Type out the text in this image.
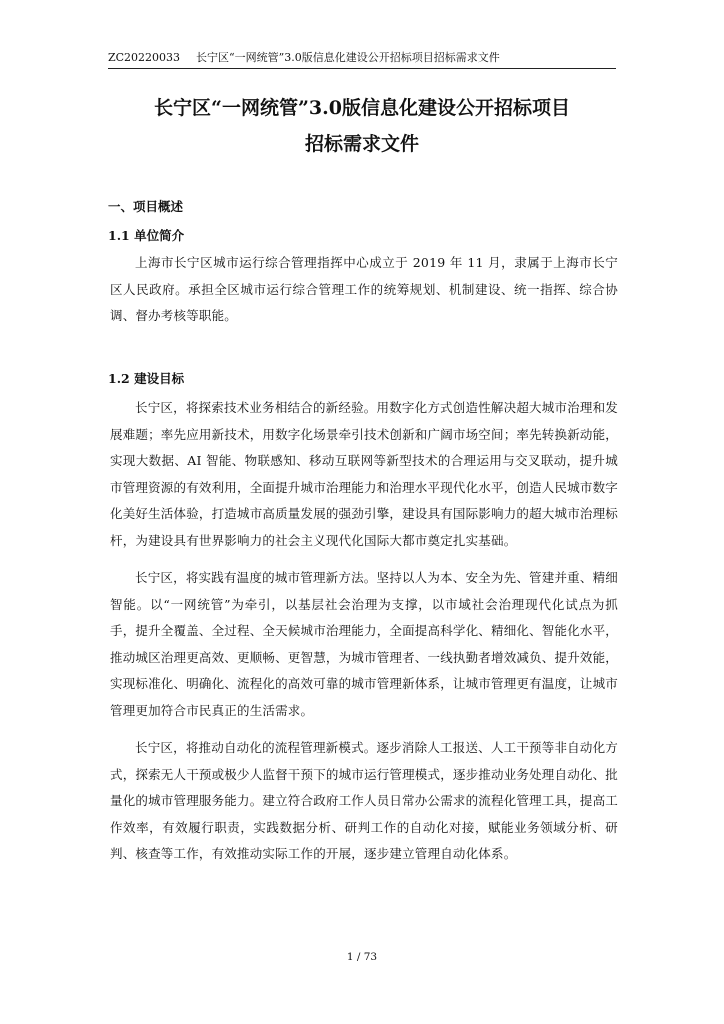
ZC20220033 长宁区“一网统管”3.0版信息化建设公开招标项目招标需求文件
长宁区“一网统管”3.0版信息化建设公开招标项目
招标需求文件
一、项目概述
1.1 单位简介

上海市长宁区城市运行综合管理指挥中心成立于 2019 年 11 月，隶属于上海市长宁区人民政府。承担全区城市运行综合管理工作的统筹规划、机制建设、统一指挥、综合协调、督办考核等职能。

1.2 建设目标

长宁区，将探索技术业务相结合的新经验。用数字化方式创造性解决超大城市治理和发展难题；率先应用新技术，用数字化场景牵引技术创新和广阔市场空间；率先转换新动能，实现大数据、AI 智能、物联感知、移动互联网等新型技术的合理运用与交叉联动，提升城市管理资源的有效利用，全面提升城市治理能力和治理水平现代化水平，创造人民城市数字化美好生活体验，打造城市高质量发展的强劲引擎，建设具有国际影响力的超大城市治理标杆，为建设具有世界影响力的社会主义现代化国际大都市奠定扎实基础。

长宁区，将实践有温度的城市管理新方法。坚持以人为本、安全为先、管建并重、精细智能。以“一网统管”为牵引，以基层社会治理为支撑，以市域社会治理现代化试点为抓手，提升全覆盖、全过程、全天候城市治理能力，全面提高科学化、精细化、智能化水平，推动城区治理更高效、更顺畅、更智慧，为城市管理者、一线执勤者增效减负、提升效能，实现标准化、明确化、流程化的高效可靠的城市管理新体系，让城市管理更有温度，让城市管理更加符合市民真正的生活需求。

长宁区，将推动自动化的流程管理新模式。逐步消除人工报送、人工干预等非自动化方式，探索无人干预或极少人监督干预下的城市运行管理模式，逐步推动业务处理自动化、批量化的城市管理服务能力。建立符合政府工作人员日常办公需求的流程化管理工具，提高工作效率，有效履行职责，实践数据分析、研判工作的自动化对接，赋能业务领域分析、研判、核查等工作，有效推动实际工作的开展，逐步建立管理自动化体系。

1 / 73
